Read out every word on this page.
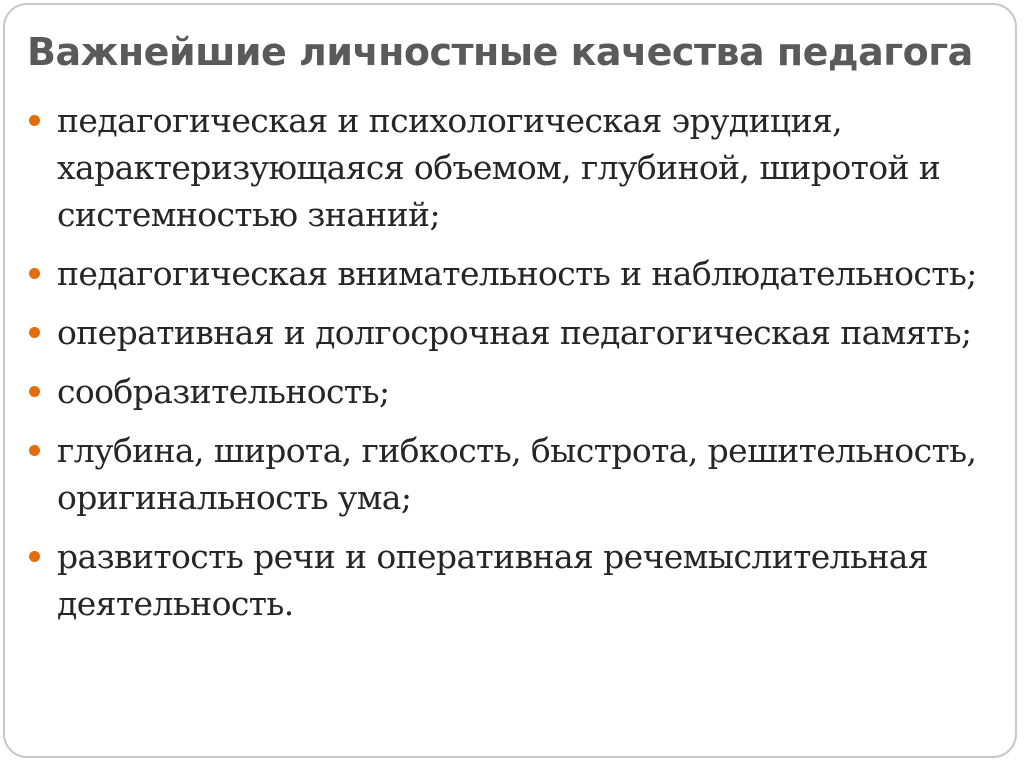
Важнейшие личностные качества педагога
педагогическая и психологическая эрудиция, характеризующаяся объемом, глубиной, широтой и системностью знаний;
педагогическая внимательность и наблюдательность;
оперативная и долгосрочная педагогическая память;
сообразительность;
глубина, широта, гибкость, быстрота, решительность, оригинальность ума;
развитость речи и оперативная речемыслительная деятельность.
